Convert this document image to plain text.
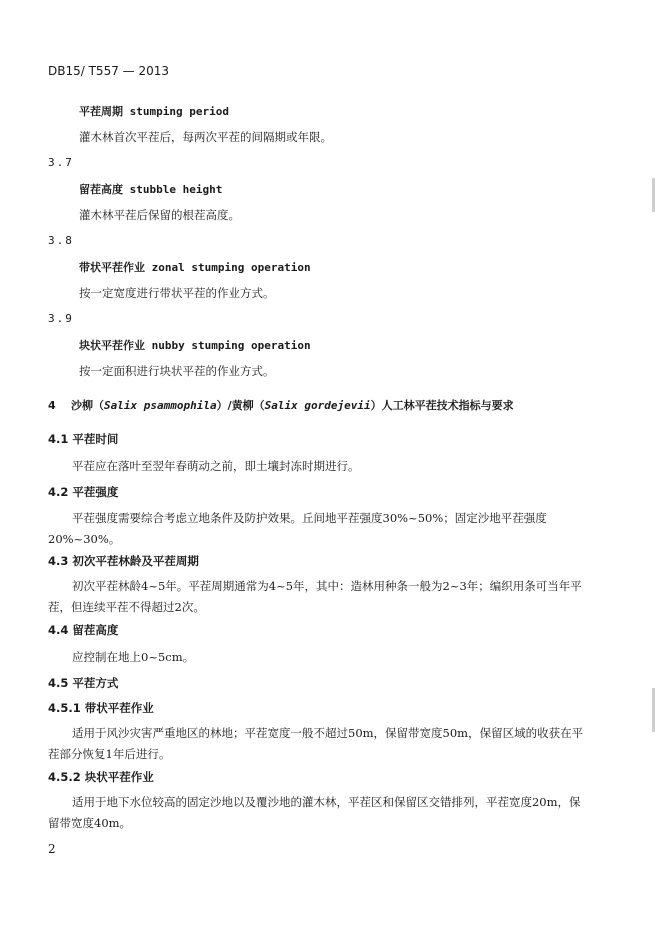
DB15/ T557 — 2013
平茬周期 stumping period
灌木林首次平茬后，每两次平茬的间隔期或年限。
3.7
留茬高度 stubble height
灌木林平茬后保留的根茬高度。
3.8
带状平茬作业 zonal stumping operation
按一定宽度进行带状平茬的作业方式。
3.9
块状平茬作业 nubby stumping operation
按一定面积进行块状平茬的作业方式。
4 沙柳（Salix psammophila）/黄柳（Salix gordejevii）人工林平茬技术指标与要求
4.1 平茬时间
平茬应在落叶至翌年春萌动之前，即土壤封冻时期进行。
4.2 平茬强度
平茬强度需要综合考虑立地条件及防护效果。丘间地平茬强度30%~50%；固定沙地平茬强度20%~30%。
4.3 初次平茬林龄及平茬周期
初次平茬林龄4~5年。平茬周期通常为4~5年，其中：造林用种条一般为2~3年；编织用条可当年平茬，但连续平茬不得超过2次。
4.4 留茬高度
应控制在地上0~5cm。
4.5 平茬方式
4.5.1 带状平茬作业
适用于风沙灾害严重地区的林地；平茬宽度一般不超过50m，保留带宽度50m，保留区域的收获在平茬部分恢复1年后进行。
4.5.2 块状平茬作业
适用于地下水位较高的固定沙地以及覆沙地的灌木林，平茬区和保留区交错排列，平茬宽度20m，保留带宽度40m。
2
